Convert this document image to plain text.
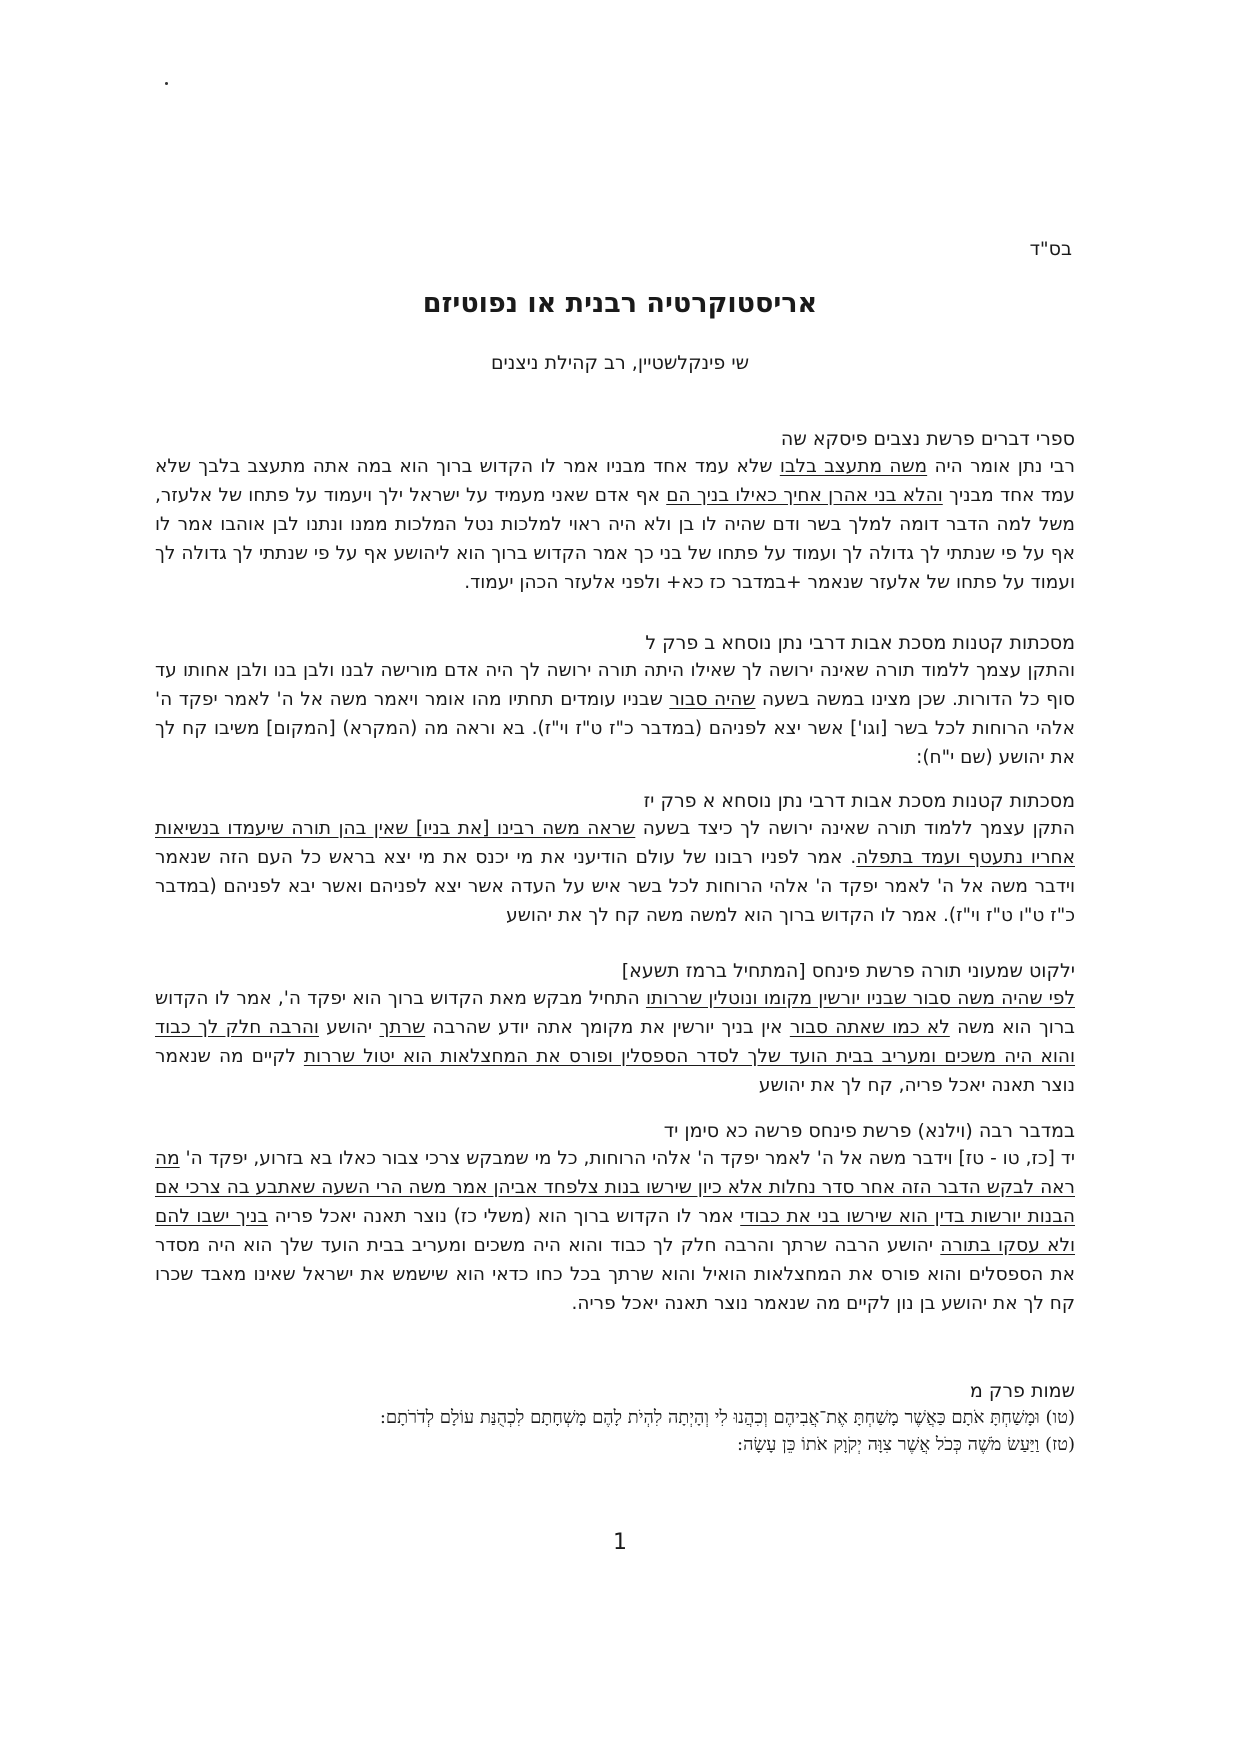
בס"ד
אריסטוקרטיה רבנית או נפוטיזם
שי פינקלשטיין, רב קהילת ניצנים
ספרי דברים פרשת נצבים פיסקא שה
רבי נתן אומר היה משה מתעצב בלבו שלא עמד אחד מבניו אמר לו הקדוש ברוך הוא במה אתה מתעצב בלבך שלא עמד אחד מבניך והלא בני אהרן אחיך כאילו בניך הם אף אדם שאני מעמיד על ישראל ילך ויעמוד על פתחו של אלעזר, משל למה הדבר דומה למלך בשר ודם שהיה לו בן ולא היה ראוי למלכות נטל המלכות ממנו ונתנו לבן אוהבו אמר לו אף על פי שנתתי לך גדולה לך ועמוד על פתחו של בני כך אמר הקדוש ברוך הוא ליהושע אף על פי שנתתי לך גדולה לך ועמוד על פתחו של אלעזר שנאמר +במדבר כז כא+ ולפני אלעזר הכהן יעמוד.
מסכתות קטנות מסכת אבות דרבי נתן נוסחא ב פרק ל
והתקן עצמך ללמוד תורה שאינה ירושה לך שאילו היתה תורה ירושה לך היה אדם מורישה לבנו ולבן בנו ולבן אחותו עד סוף כל הדורות. שכן מצינו במשה בשעה שהיה סבור שבניו עומדים תחתיו מהו אומר ויאמר משה אל ה' לאמר יפקד ה' אלהי הרוחות לכל בשר [וגו'] אשר יצא לפניהם (במדבר כ"ז ט"ז וי"ז). בא וראה מה (המקרא) [המקום] משיבו קח לך את יהושע (שם י"ח):
מסכתות קטנות מסכת אבות דרבי נתן נוסחא א פרק יז
התקן עצמך ללמוד תורה שאינה ירושה לך כיצד בשעה שראה משה רבינו [את בניו] שאין בהן תורה שיעמדו בנשיאות אחריו נתעטף ועמד בתפלה. אמר לפניו רבונו של עולם הודיעני את מי יכנס את מי יצא בראש כל העם הזה שנאמר וידבר משה אל ה' לאמר יפקד ה' אלהי הרוחות לכל בשר איש על העדה אשר יצא לפניהם ואשר יבא לפניהם (במדבר כ"ז ט"ו ט"ז וי"ז). אמר לו הקדוש ברוך הוא למשה משה קח לך את יהושע
ילקוט שמעוני תורה פרשת פינחס [המתחיל ברמז תשעא]
לפי שהיה משה סבור שבניו יורשין מקומו ונוטלין שררותו התחיל מבקש מאת הקדוש ברוך הוא יפקד ה', אמר לו הקדוש ברוך הוא משה לא כמו שאתה סבור אין בניך יורשין את מקומך אתה יודע שהרבה שרתך יהושע והרבה חלק לך כבוד והוא היה משכים ומעריב בבית הועד שלך לסדר הספסלין ופורס את המחצלאות הוא יטול שררות לקיים מה שנאמר נוצר תאנה יאכל פריה, קח לך את יהושע
במדבר רבה (וילנא) פרשת פינחס פרשה כא סימן יד
יד [כז, טו - טז] וידבר משה אל ה' לאמר יפקד ה' אלהי הרוחות, כל מי שמבקש צרכי צבור כאלו בא בזרוע, יפקד ה' מה ראה לבקש הדבר הזה אחר סדר נחלות אלא כיון שירשו בנות צלפחד אביהן אמר משה הרי השעה שאתבע בה צרכי אם הבנות יורשות בדין הוא שירשו בני את כבודי אמר לו הקדוש ברוך הוא (משלי כז) נוצר תאנה יאכל פריה בניך ישבו להם ולא עסקו בתורה יהושע הרבה שרתך והרבה חלק לך כבוד והוא היה משכים ומעריב בבית הועד שלך הוא היה מסדר את הספסלים והוא פורס את המחצלאות הואיל והוא שרתך בכל כחו כדאי הוא שישמש את ישראל שאינו מאבד שכרו קח לך את יהושע בן נון לקיים מה שנאמר נוצר תאנה יאכל פריה.
שמות פרק מ
(טו) וּמָשַׁחְתָּ אֹתָם כַּאֲשֶׁר מָשַׁחְתָּ אֶת־אֲבִיהֶם וְכִהֲנוּ לִי וְהָיְתָה לִהְיֹת לָהֶם מָשְׁחָתָם לִכְהֻנַּת עוֹלָם לְדֹרֹתָם:
(טז) וַיַּעַשׂ מֹשֶׁה כְּכֹל אֲשֶׁר צִוָּה יְקֹוָק אֹתוֹ כֵּן עָשָׂה:
1
